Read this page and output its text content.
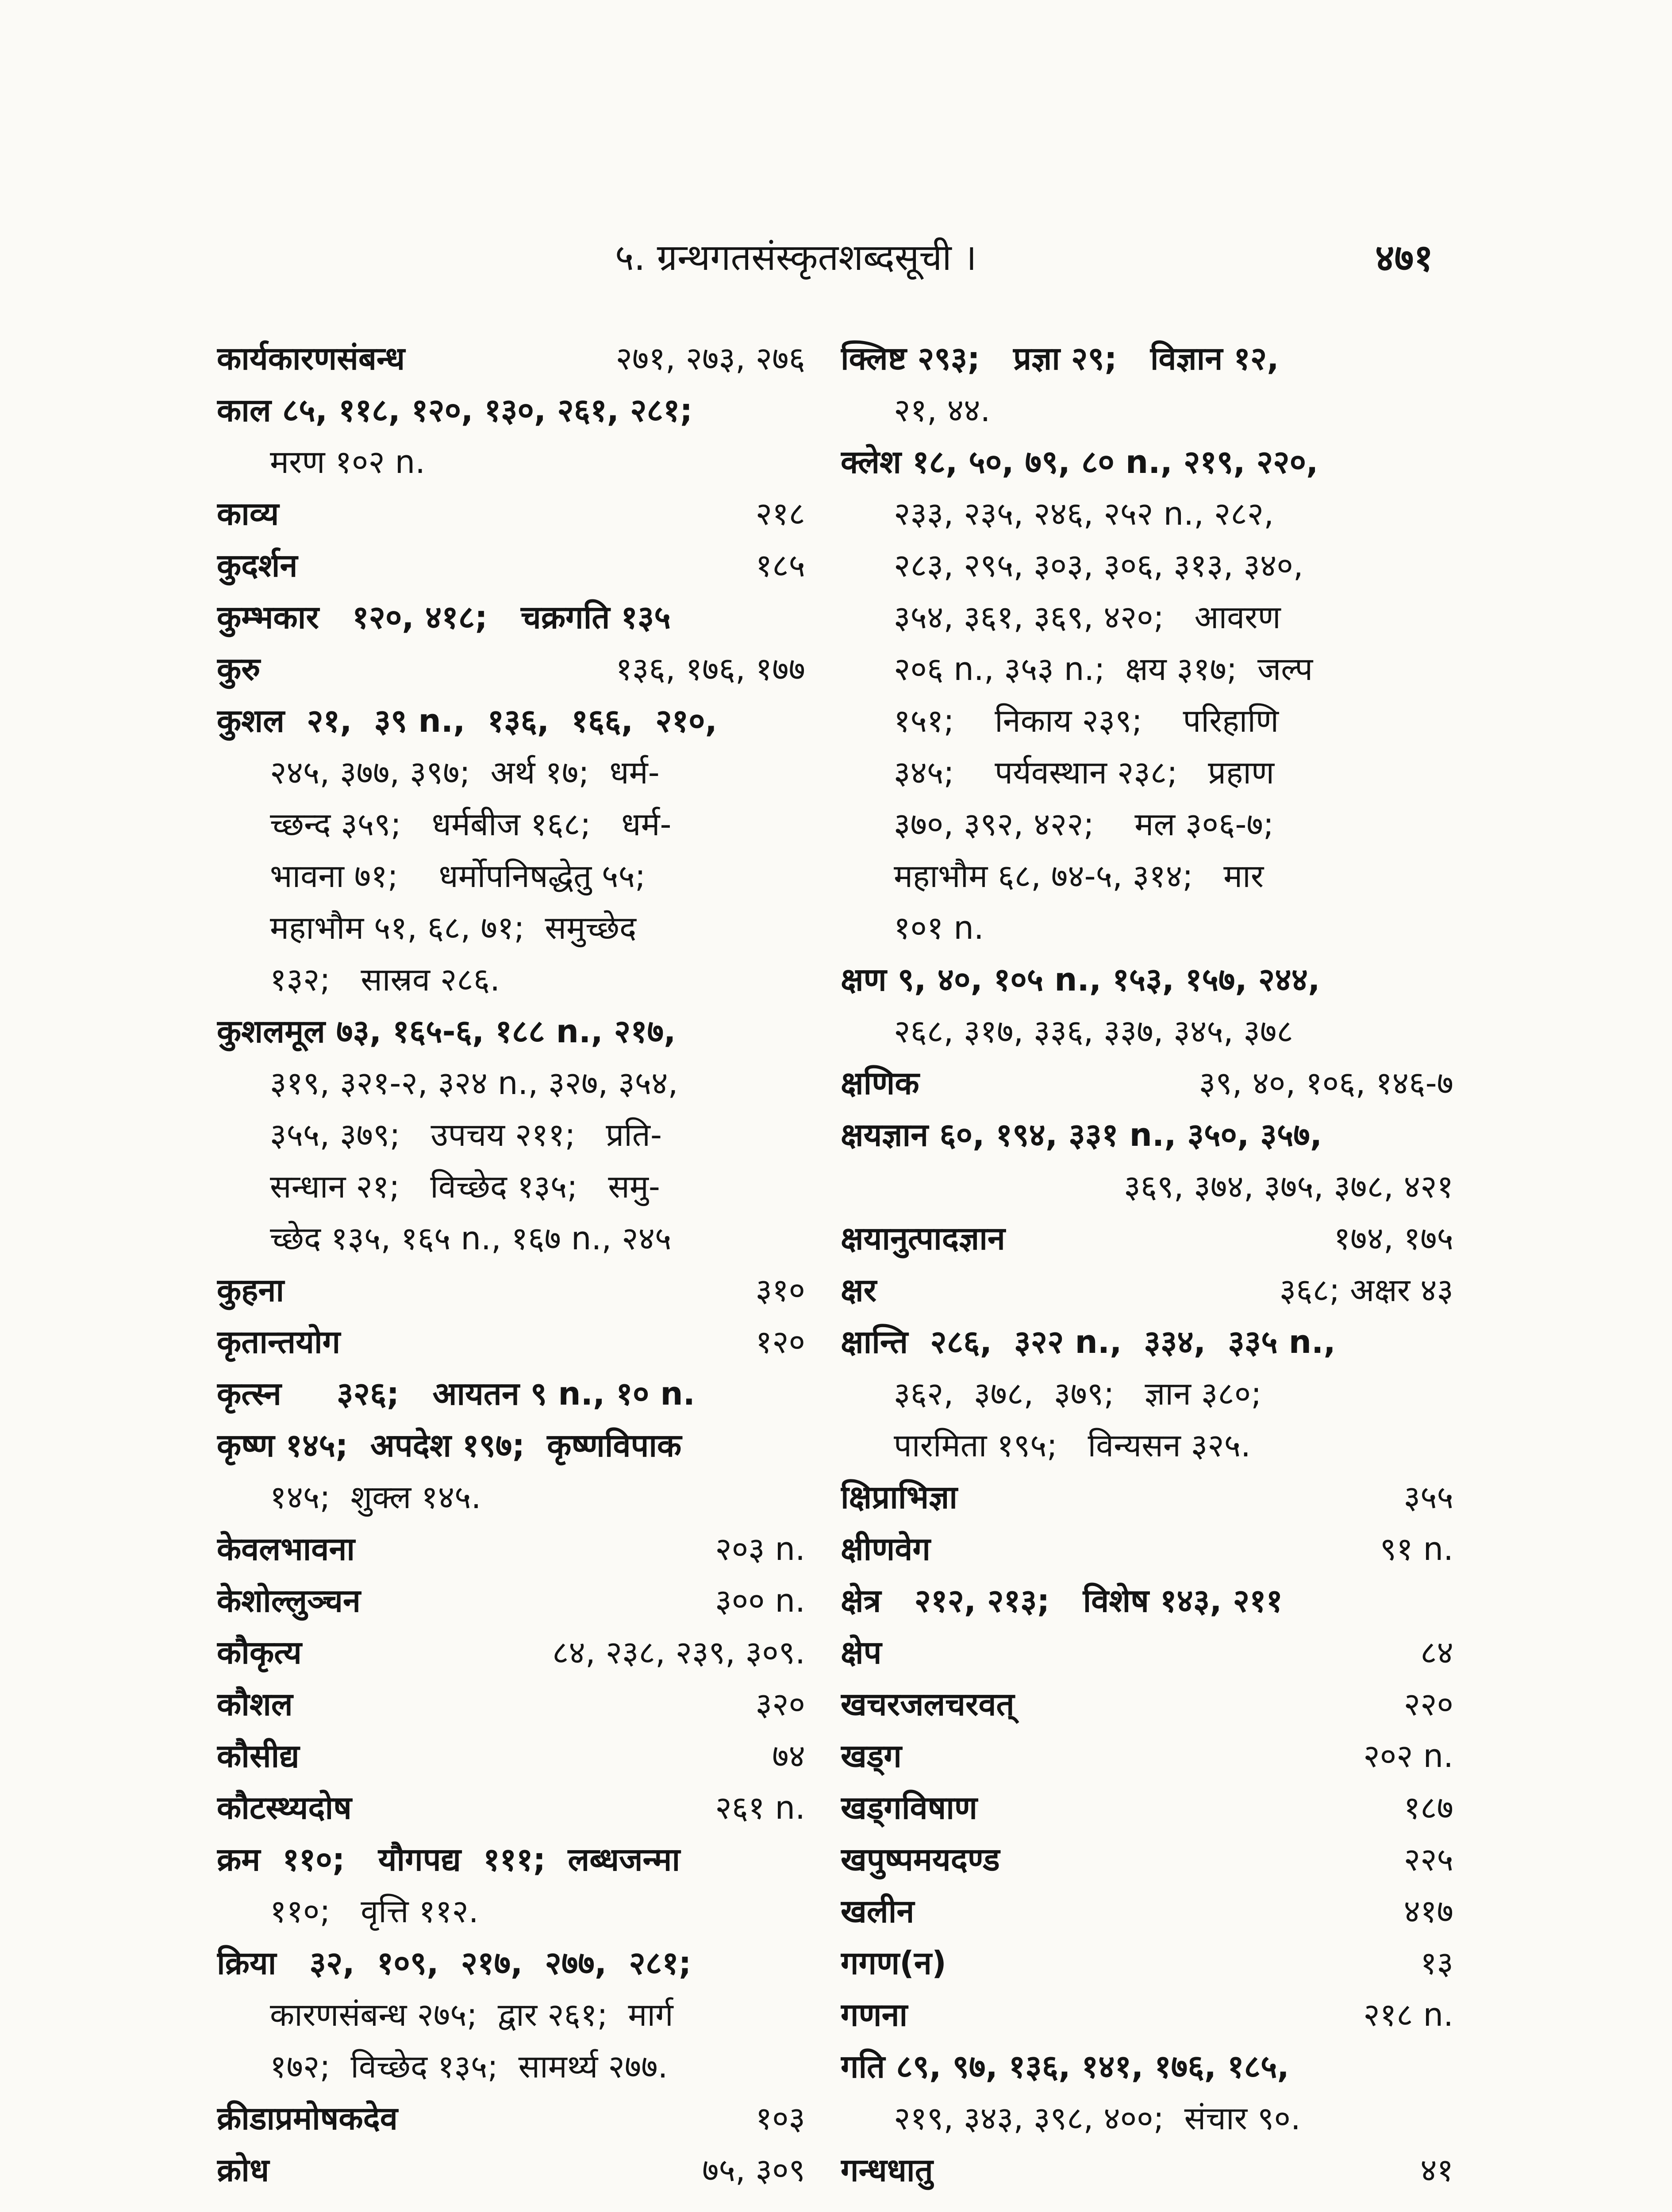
५. ग्रन्थगतसंस्कृतशब्दसूची ।	४७१
कार्यकारणसंबन्ध	२७१, २७३, २७६
काल ८५, ११८, १२०, १३०, २६१, २८१;
मरण १०२ n.
काव्य	२१८
कुदर्शन	१८५
कुम्भकार   १२०, ४१८;   चक्रगति १३५
कुरु	१३६, १७६, १७७
कुशल  २१,  ३९ n.,  १३६,  १६६,  २१०,
२४५, ३७७, ३९७;  अर्थ १७;  धर्म-
च्छन्द ३५९;   धर्मबीज १६८;   धर्म-
भावना ७१;    धर्मोपनिषद्धेतु ५५;
महाभौम ५१, ६८, ७१;  समुच्छेद
१३२;   सास्रव २८६.
कुशलमूल ७३, १६५-६, १८८ n., २१७,
३१९, ३२१-२, ३२४ n., ३२७, ३५४,
३५५, ३७९;   उपचय २११;   प्रति-
सन्धान २१;   विच्छेद १३५;   समु-
च्छेद १३५, १६५ n., १६७ n., २४५
कुहना	३१०
कृतान्तयोग	१२०
कृत्स्न     ३२६;   आयतन ९ n., १० n.
कृष्ण १४५;  अपदेश १९७;  कृष्णविपाक
१४५;  शुक्ल १४५.
केवलभावना	२०३ n.
केशोल्लुञ्चन	३०० n.
कौकृत्य	८४, २३८, २३९, ३०९.
कौशल	३२०
कौसीद्य	७४
कौटस्थ्यदोष	२६१ n.
क्रम  ११०;   यौगपद्य  १११;  लब्धजन्मा
११०;   वृत्ति ११२.
क्रिया   ३२,  १०९,  २१७,  २७७,  २८१;
कारणसंबन्ध २७५;  द्वार २६१;  मार्ग
१७२;  विच्छेद १३५;  सामर्थ्य २७७.
क्रीडाप्रमोषकदेव	१०३
क्रोध	७५, ३०९
क्लिष्ट २९३;   प्रज्ञा २९;   विज्ञान १२,
२१, ४४.
क्लेश १८, ५०, ७९, ८० n., २१९, २२०,
२३३, २३५, २४६, २५२ n., २८२,
२८३, २९५, ३०३, ३०६, ३१३, ३४०,
३५४, ३६१, ३६९, ४२०;   आवरण
२०६ n., ३५३ n.;  क्षय ३१७;  जल्प
१५१;    निकाय २३९;    परिहाणि
३४५;    पर्यवस्थान २३८;   प्रहाण
३७०, ३९२, ४२२;    मल ३०६-७;
महाभौम ६८, ७४-५, ३१४;   मार
१०१ n.
क्षण ९, ४०, १०५ n., १५३, १५७, २४४,
२६८, ३१७, ३३६, ३३७, ३४५, ३७८
क्षणिक	३९, ४०, १०६, १४६-७
क्षयज्ञान ६०, १९४, ३३१ n., ३५०, ३५७,
३६९, ३७४, ३७५, ३७८, ४२१
क्षयानुत्पादज्ञान	१७४, १७५
क्षर	३६८; अक्षर ४३
क्षान्ति  २८६,  ३२२ n.,  ३३४,  ३३५ n.,
३६२,  ३७८,  ३७९;   ज्ञान ३८०;
पारमिता १९५;   विन्यसन ३२५.
क्षिप्राभिज्ञा	३५५
क्षीणवेग	९१ n.
क्षेत्र   २१२, २१३;   विशेष १४३, २११
क्षेप	८४
खचरजलचरवत्	२२०
खड्ग	२०२ n.
खड्गविषाण	१८७
खपुष्पमयदण्ड	२२५
खलीन	४१७
गगण(न)	१३
गणना	२१८ n.
गति ८९, ९७, १३६, १४१, १७६, १८५,
२१९, ३४३, ३९८, ४००;  संचार ९०.
गन्धधातु	४१
